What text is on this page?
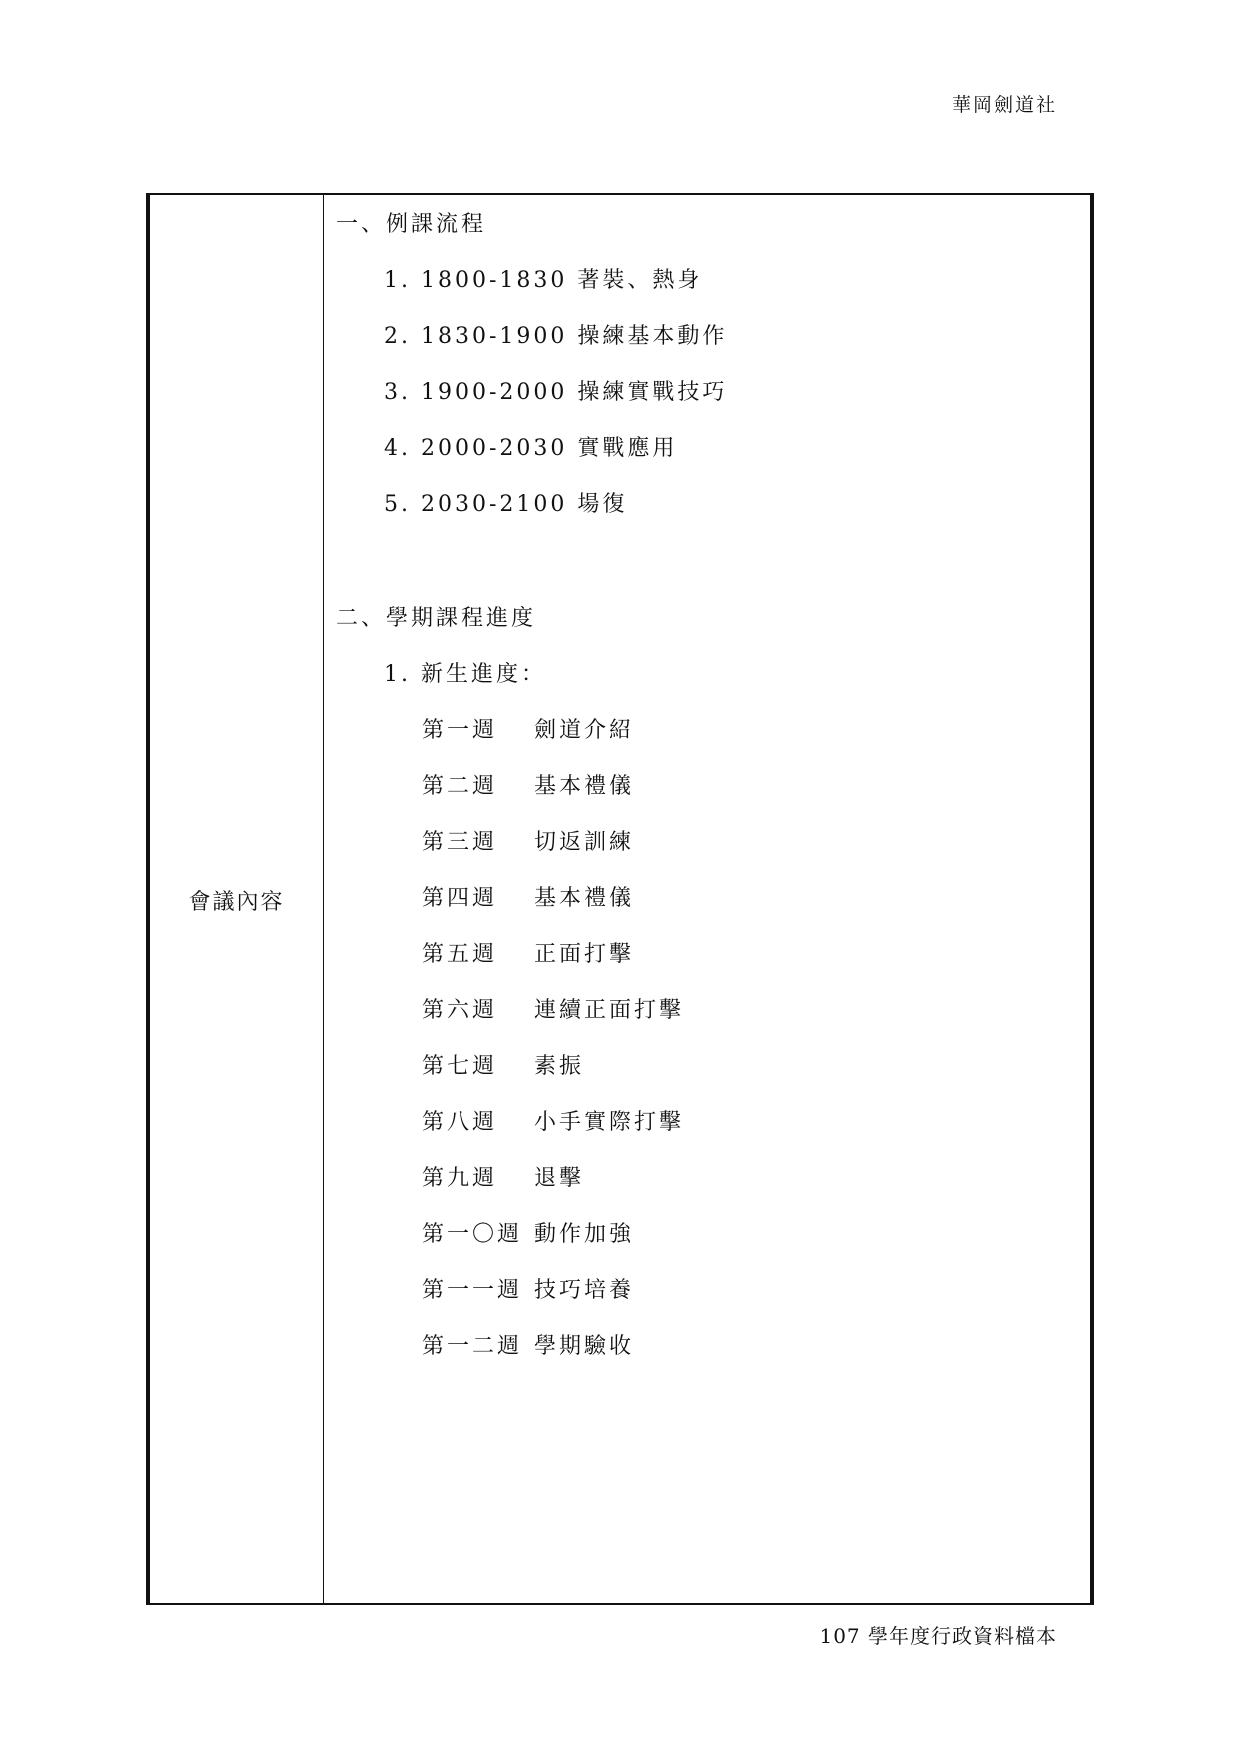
華岡劍道社
會議內容
一、例課流程
1. 1800-1830 著裝、熱身
2. 1830-1900 操練基本動作
3. 1900-2000 操練實戰技巧
4. 2000-2030 實戰應用
5. 2030-2100 場復
二、學期課程進度
1. 新生進度：
第一週 劍道介紹
第二週 基本禮儀
第三週 切返訓練
第四週 基本禮儀
第五週 正面打擊
第六週 連續正面打擊
第七週 素振
第八週 小手實際打擊
第九週 退擊
第一〇週 動作加強
第一一週 技巧培養
第一二週 學期驗收
107 學年度行政資料檔本
